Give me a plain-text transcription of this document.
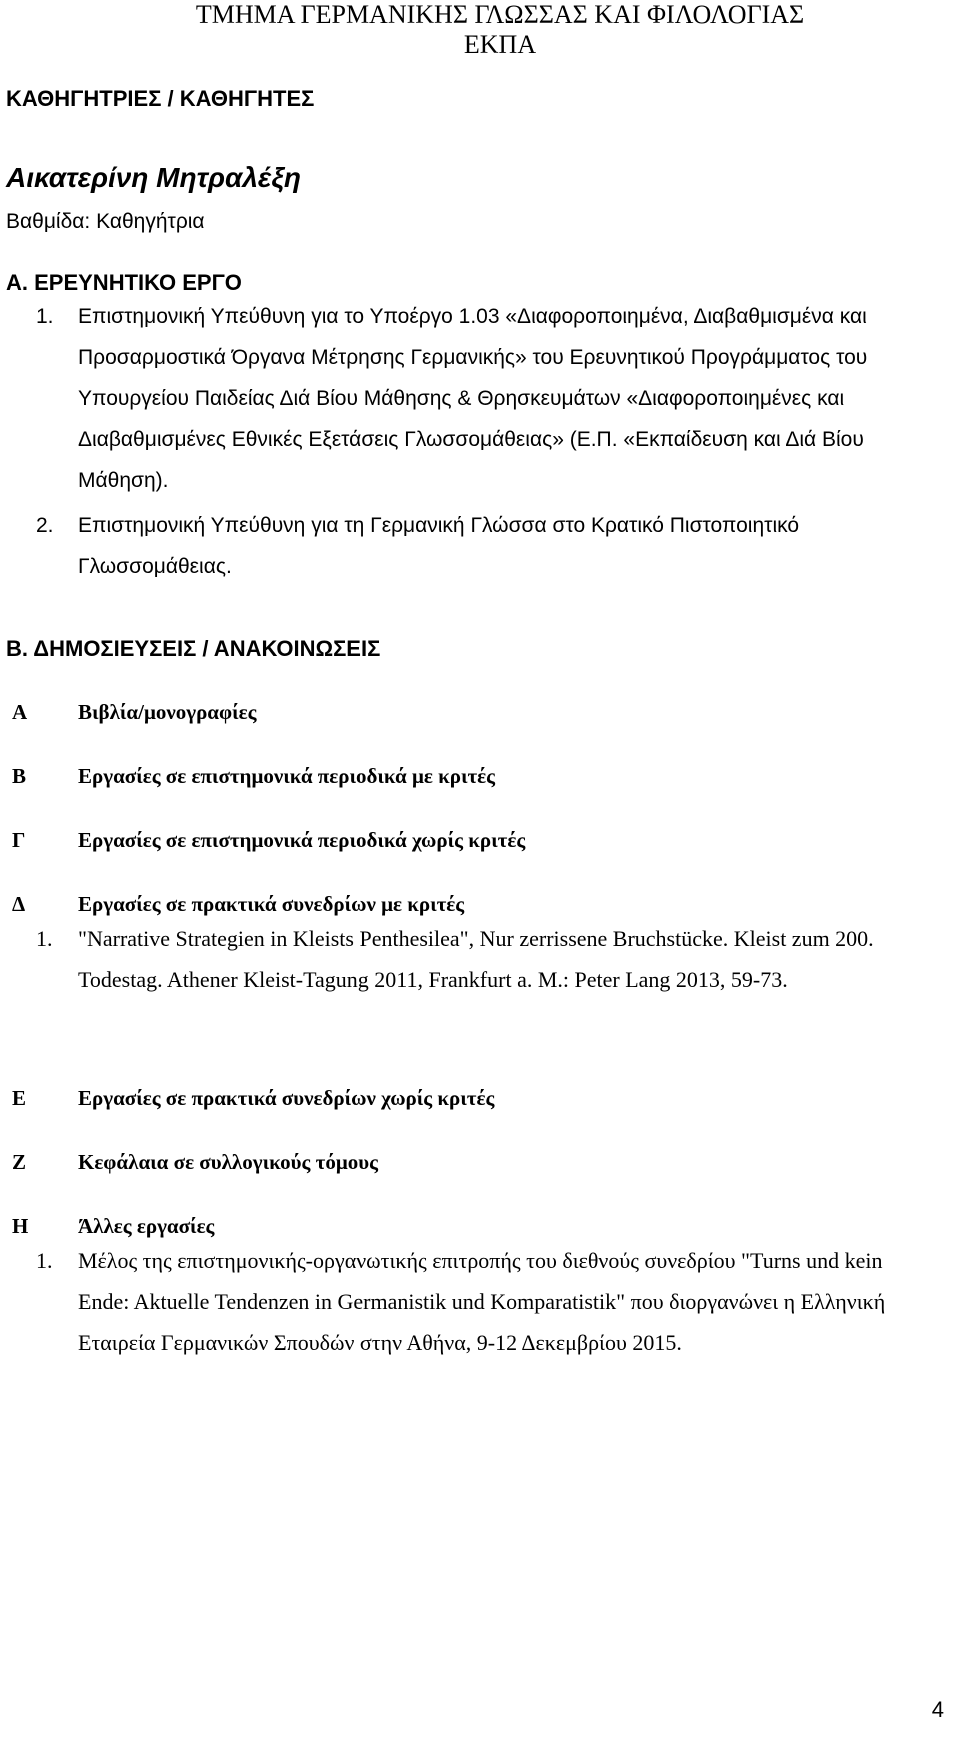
ΤΜΗΜΑ ΓΕΡΜΑΝΙΚΗΣ ΓΛΩΣΣΑΣ ΚΑΙ ΦΙΛΟΛΟΓΙΑΣ
ΕΚΠΑ
ΚΑΘΗΓΗΤΡΙΕΣ / ΚΑΘΗΓΗΤΕΣ
Αικατερίνη Μητραλέξη
Βαθμίδα: Καθηγήτρια
Α. ΕΡΕΥΝΗΤΙΚΟ ΕΡΓΟ
1. Επιστημονική Υπεύθυνη για το Υποέργο 1.03 «Διαφοροποιημένα, Διαβαθμισμένα και Προσαρμοστικά Όργανα Μέτρησης Γερμανικής» του Ερευνητικού Προγράμματος του Υπουργείου Παιδείας Διά Βίου Μάθησης & Θρησκευμάτων «Διαφοροποιημένες και Διαβαθμισμένες Εθνικές Εξετάσεις Γλωσσομάθειας» (Ε.Π. «Εκπαίδευση και Διά Βίου Μάθηση).
2. Επιστημονική Υπεύθυνη για τη Γερμανική Γλώσσα στο Κρατικό Πιστοποιητικό Γλωσσομάθειας.
Β. ΔΗΜΟΣΙΕΥΣΕΙΣ / ΑΝΑΚΟΙΝΩΣΕΙΣ
Α Βιβλία/μονογραφίες
Β Εργασίες σε επιστημονικά περιοδικά με κριτές
Γ	Εργασίες σε επιστημονικά περιοδικά χωρίς κριτές
Δ	Εργασίες σε πρακτικά συνεδρίων με κριτές
1.	"Narrative Strategien in Kleists Penthesilea", Nur zerrissene Bruchstücke. Kleist zum 200. Todestag. Athener Kleist-Tagung 2011, Frankfurt a. M.: Peter Lang 2013, 59-73.
Ε Εργασίες σε πρακτικά συνεδρίων χωρίς κριτές
Ζ Κεφάλαια σε συλλογικούς τόμους
Η Άλλες εργασίες
1.	Μέλος της επιστημονικής-οργανωτικής επιτροπής του διεθνούς συνεδρίου "Turns und kein Ende: Aktuelle Tendenzen in Germanistik und Komparatistik" που διοργανώνει η Ελληνική Εταιρεία Γερμανικών Σπουδών στην Αθήνα, 9-12 Δεκεμβρίου 2015.
4
